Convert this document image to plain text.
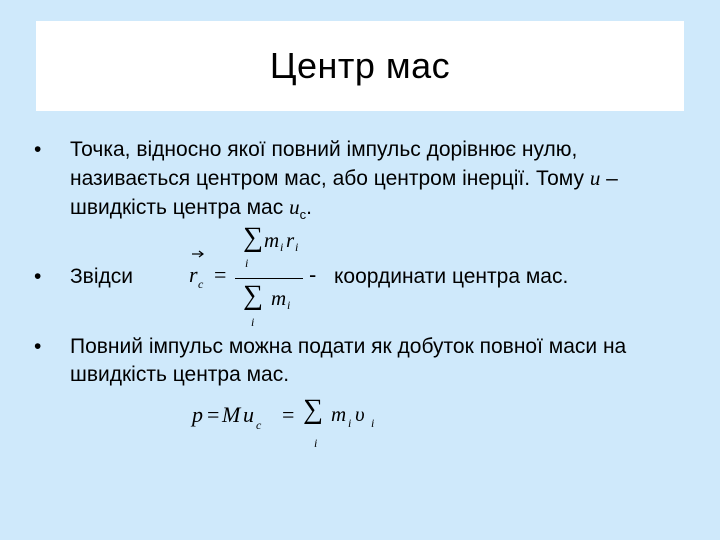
Центр мас
• Точка, відносно якої повний імпульс дорівнює нулю,
називається центром мас, або центром інерції. Тому u –
швидкість центра мас $u_c$.
• Звідси	r c =
∑
i
m i r i
∑
i
m i
- координати центра мас.
• Повний імпульс можна подати як добуток повної маси на
швидкість центра мас.
p = M u c = ∑
i
m i υ i
